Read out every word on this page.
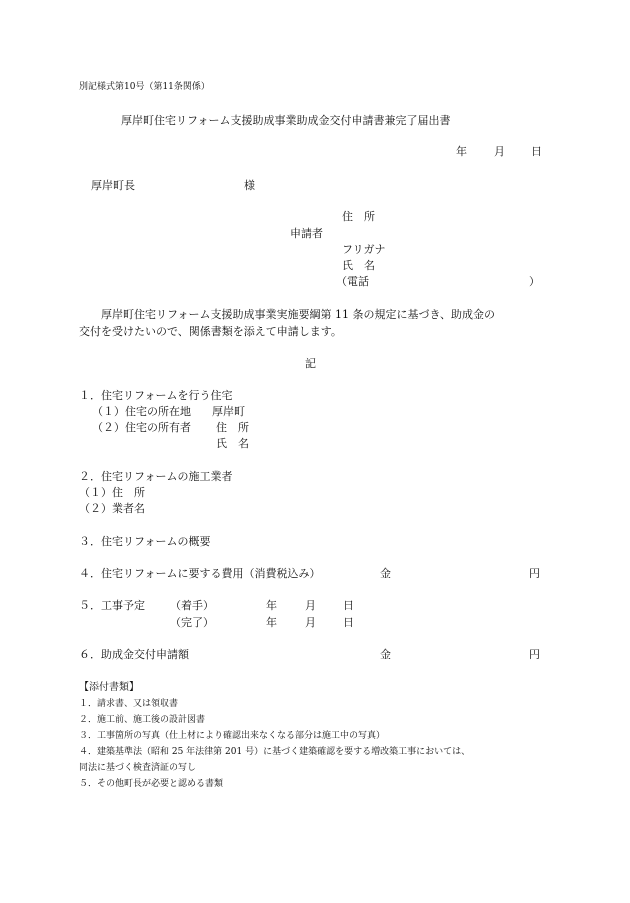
別記様式第10号（第11条関係）
厚岸町住宅リフォーム支援助成事業助成金交付申請書兼完了届出書
年 月 日
厚岸町長	様
住　所
申請者
フリガナ
氏　名
（電話	）
厚岸町住宅リフォーム支援助成事業実施要綱第 11 条の規定に基づき、助成金の
交付を受けたいので、関係書類を添えて申請します。
記
１．住宅リフォームを行う住宅
（１）住宅の所在地 厚岸町
（２）住宅の所有者 住　所
氏　名
２．住宅リフォームの施工業者
（１）住　所
（２）業者名
３．住宅リフォームの概要
４．住宅リフォームに要する費用（消費税込み）	金	円
５．工事予定 （着手）	年	月 日
（完了）	年	月 日
６．助成金交付申請額	金	円
【添付書類】
１．請求書、又は領収書
２．施工前、施工後の設計図書
３．工事箇所の写真（仕上材により確認出来なくなる部分は施工中の写真）
４．建築基準法（昭和 25 年法律第 201 号）に基づく建築確認を要する増改築工事においては、
同法に基づく検査済証の写し
５．その他町長が必要と認める書類
